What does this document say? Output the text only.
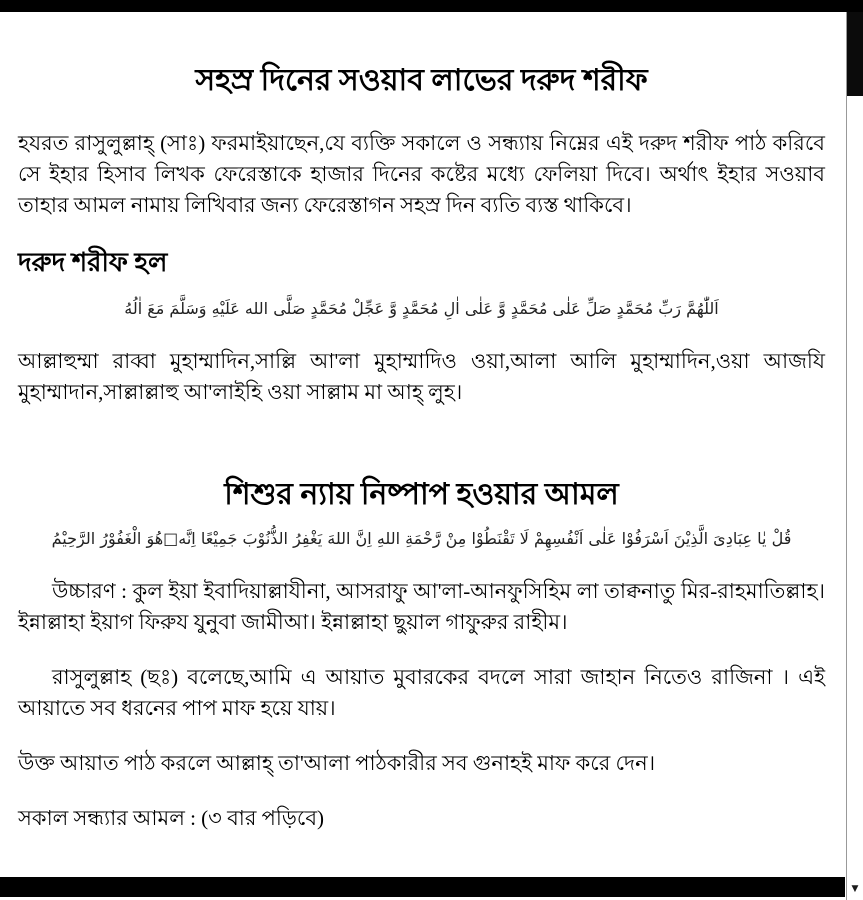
সহস্র দিনের সওয়াব লাভের দরুদ শরীফ

হযরত রাসুলুল্লাহ্ (সাঃ) ফরমাইয়াছেন,যে ব্যক্তি সকালে ও সন্ধ্যায় নিম্নের এই দরুদ শরীফ পাঠ করিবে সে ইহার হিসাব লিখক ফেরেস্তাকে হাজার দিনের কষ্টের মধ্যে ফেলিয়া দিবে। অর্থাৎ ইহার সওয়াব তাহার আমল নামায় লিখিবার জন্য ফেরেস্তাগন সহস্র দিন ব্যতি ব্যস্ত থাকিবে।

দরুদ শরীফ হল

اَللّٰهُمَّ رَبِّ مُحَمَّدٍ صَلِّ عَلٰى مُحَمَّدٍ وَّ عَلٰى اٰلِ مُحَمَّدٍ وَّ عَجِّلْ مُحَمَّدٍ صَلَّى الله عَلَيْهِ وَسَلَّمَ مَعَ اٰلُهُ

আল্লাহুম্মা রাব্বা মুহাম্মাদিন,সাল্লি আ'লা মুহাম্মাদিও ওয়া,আলা আলি মুহাম্মাদিন,ওয়া আজযি মুহাম্মাদান,সাল্লাল্লাহু আ'লাইহি ওয়া সাল্লাম মা আহ্ লুহ।

শিশুর ন্যায় নিষ্পাপ হওয়ার আমল

قُلْ يٰا عِبَادِىَ الَّذِيْنَ اَسْرَفُوْا عَلٰى اَنْفُسِهِمْ لَا تَقْنَطُوْا مِنْ رَّحْمَةِ اللهِ اِنَّ اللهَ يَغْفِرُ الذُّنُوْبَ جَمِيْعًا اِنَّه□هُوَ الْغَفُوْرُ الرَّحِيْمُ

উচ্চারণ : কুল ইয়া ইবাদিয়াল্লাযীনা, আসরাফু আ'লা-আনফুসিহিম লা তাক্বনাতু মির-রাহমাতিল্লাহ। ইন্নাল্লাহা ইয়াগ ফিরুয যুনুবা জামীআ। ইন্নাল্লাহা ছুয়াল গাফুরুর রাহীম।

রাসুলুল্লাহ (ছঃ) বলেছে,আমি এ আয়াত মুবারকের বদলে সারা জাহান নিতেও রাজিনা । এই আয়াতে সব ধরনের পাপ মাফ হয়ে যায়।

উক্ত আয়াত পাঠ করলে আল্লাহ্ তা'আলা পাঠকারীর সব গুনাহই মাফ করে দেন।

সকাল সন্ধ্যার আমল : (৩ বার পড়িবে)

▼
